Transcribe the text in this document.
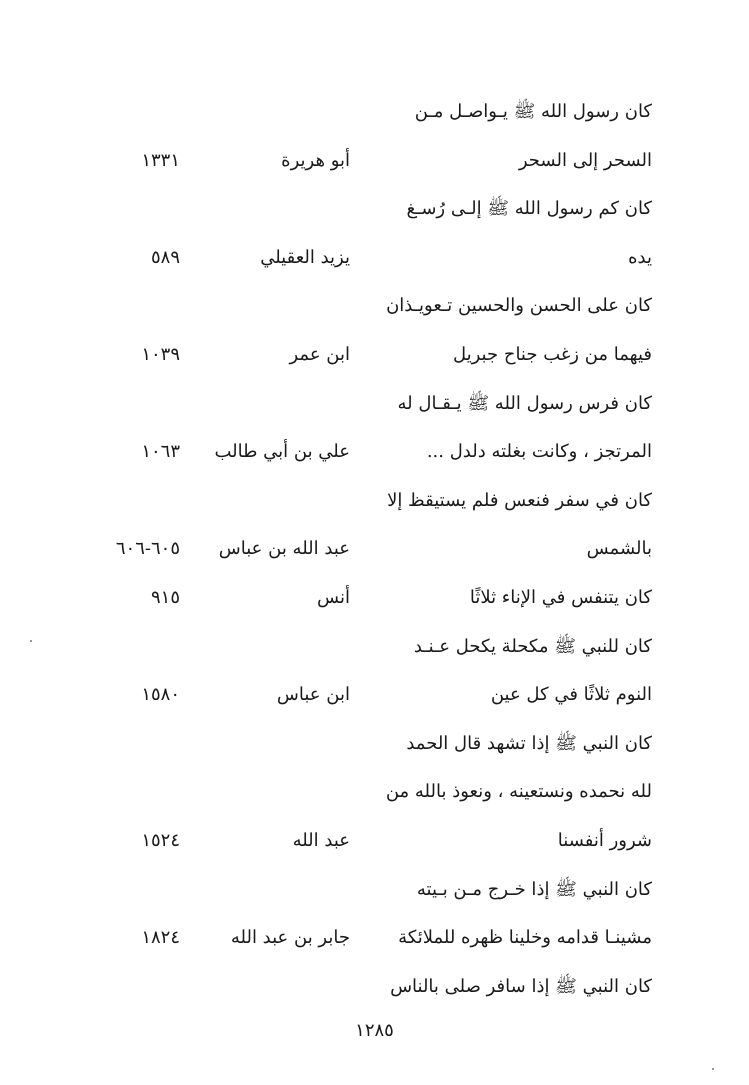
كان رسول الله ﷺ يـواصـل مـن
السحر إلى السحر
أبو هريرة
١٣٣١
كان كم رسول الله ﷺ إلـى رُسـغ
يده
يزيد العقيلي
٥٨٩
كان على الحسن والحسين تـعويـذان
فيهما من زغب جناح جبريل
ابن عمر
١٠٣٩
كان فرس رسول الله ﷺ يـقـال له
المرتجز ، وكانت بغلته دلدل ...
علي بن أبي طالب
١٠٦٣
كان في سفر فنعس فلم يستيقظ إلا
بالشمس
عبد الله بن عباس
٦٠٥-٦٠٦
كان يتنفس في الإناء ثلاثًا
أنس
٩١٥
كان للنبي ﷺ مكحلة يكحل عـنـد
النوم ثلاثًا في كل عين
ابن عباس
١٥٨٠
كان النبي ﷺ إذا تشهد قال الحمد
لله نحمده ونستعينه ، ونعوذ بالله من
شرور أنفسنا
عبد الله
١٥٢٤
كان النبي ﷺ إذا خـرج مـن بـيته
مشينـا قدامه وخلينا ظهره للملائكة
جابر بن عبد الله
١٨٢٤
كان النبي ﷺ إذا سافر صلى بالناس
١٢٨٥
